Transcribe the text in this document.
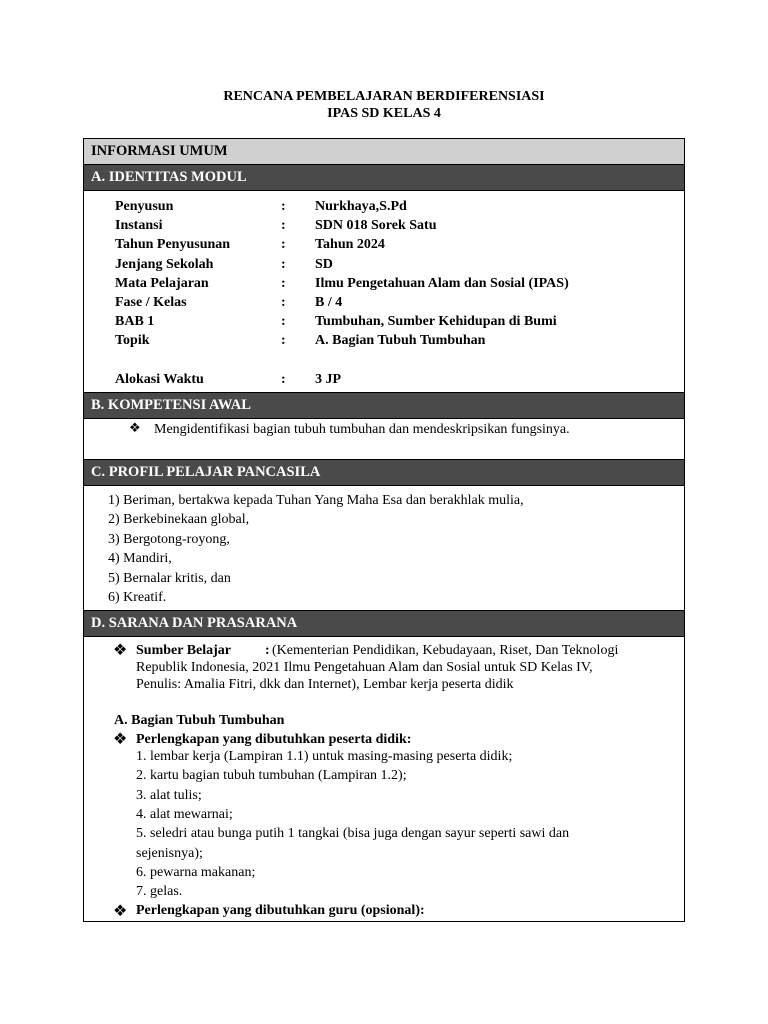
RENCANA PEMBELAJARAN BERDIFERENSIASI
IPAS SD KELAS 4
INFORMASI UMUM
A. IDENTITAS MODUL
Penyusun	: Nurkhaya,S.Pd
Instansi	: SDN 018 Sorek Satu
Tahun Penyusunan	: Tahun 2024
Jenjang Sekolah	: SD
Mata Pelajaran	: Ilmu Pengetahuan Alam dan Sosial (IPAS)
Fase / Kelas	: B / 4
BAB 1	: Tumbuhan, Sumber Kehidupan di Bumi
Topik	: A. Bagian Tubuh Tumbuhan
Alokasi Waktu	: 3 JP
B. KOMPETENSI AWAL
❖ Mengidentifikasi bagian tubuh tumbuhan dan mendeskripsikan fungsinya.
C. PROFIL PELAJAR PANCASILA
1) Beriman, bertakwa kepada Tuhan Yang Maha Esa dan berakhlak mulia,
2) Berkebinekaan global,
3) Bergotong-royong,
4) Mandiri,
5) Bernalar kritis, dan
6) Kreatif.
D. SARANA DAN PRASARANA
❖ Sumber Belajar : (Kementerian Pendidikan, Kebudayaan, Riset, Dan Teknologi
Republik Indonesia, 2021 Ilmu Pengetahuan Alam dan Sosial untuk SD Kelas IV,
Penulis: Amalia Fitri, dkk dan Internet), Lembar kerja peserta didik
A. Bagian Tubuh Tumbuhan
❖ Perlengkapan yang dibutuhkan peserta didik:
1. lembar kerja (Lampiran 1.1) untuk masing-masing peserta didik;
2. kartu bagian tubuh tumbuhan (Lampiran 1.2);
3. alat tulis;
4. alat mewarnai;
5. seledri atau bunga putih 1 tangkai (bisa juga dengan sayur seperti sawi dan
sejenisnya);
6. pewarna makanan;
7. gelas.
❖ Perlengkapan yang dibutuhkan guru (opsional):
